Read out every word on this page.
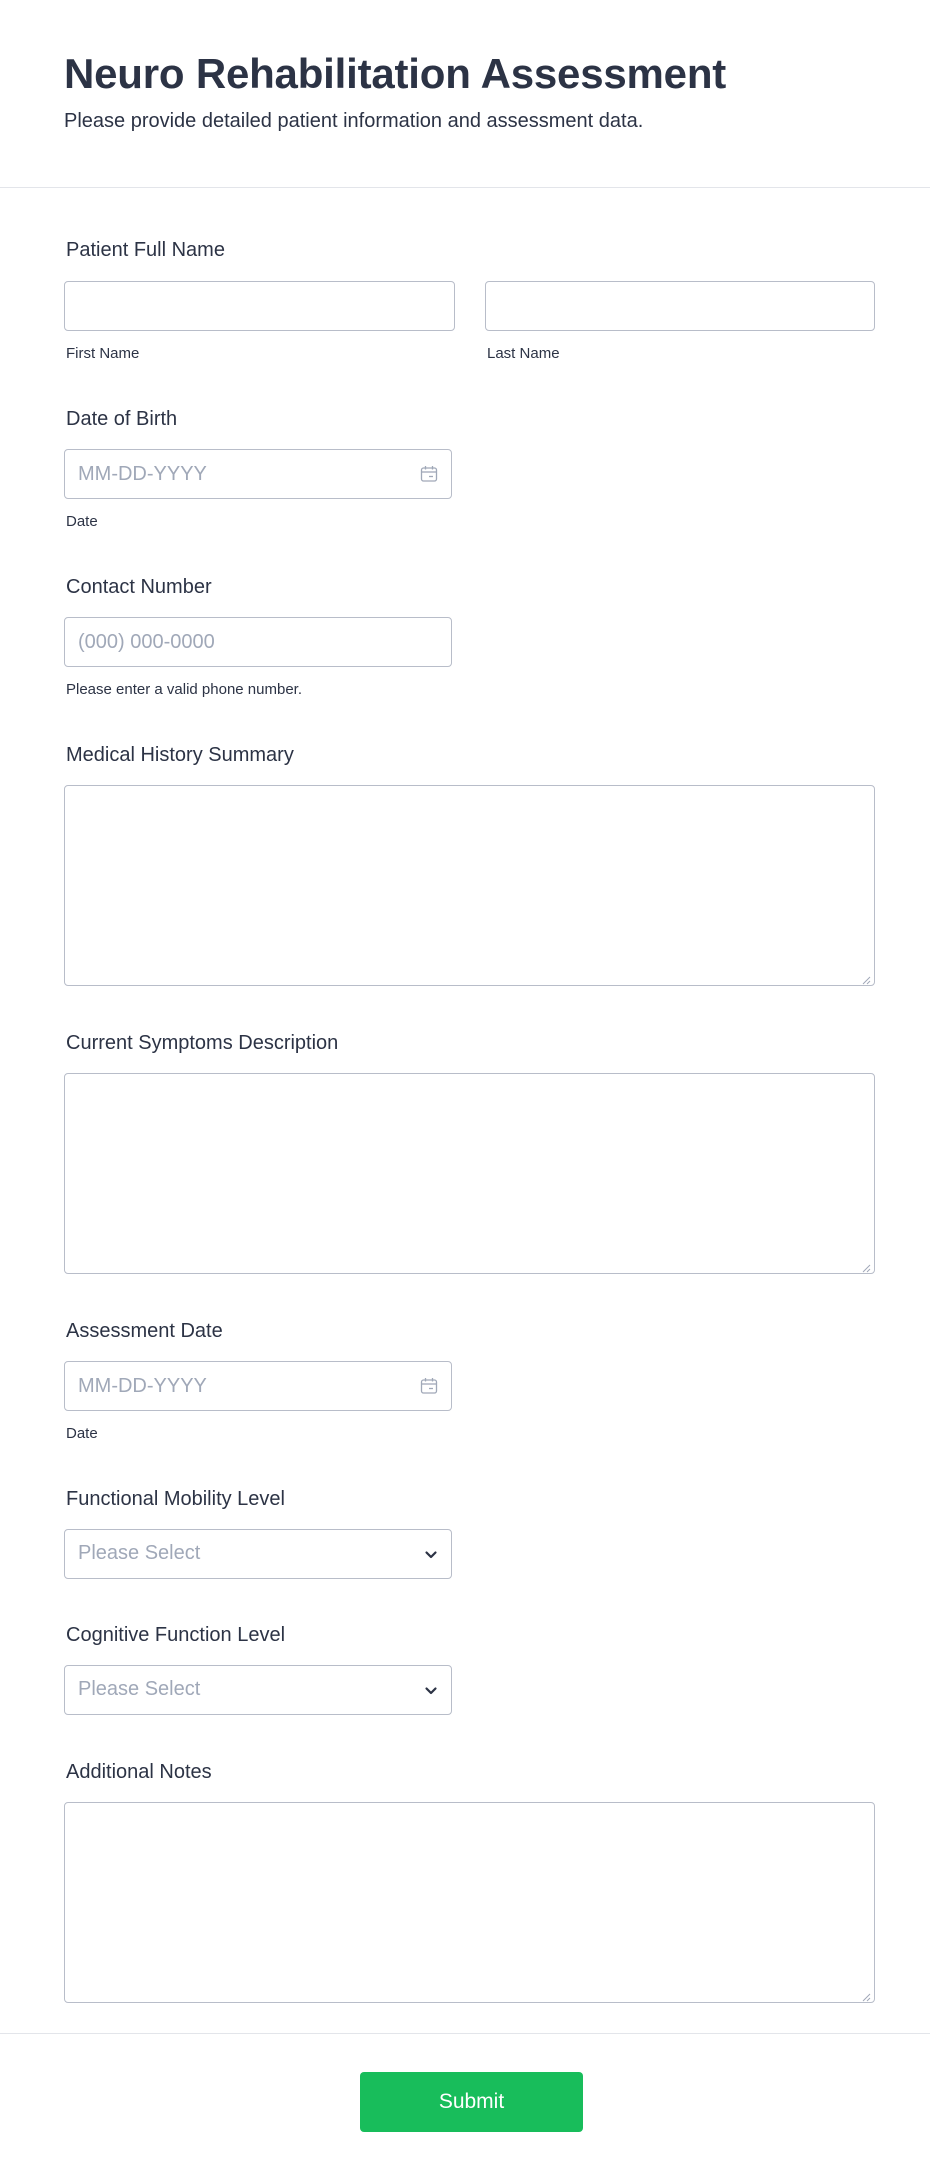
Neuro Rehabilitation Assessment
Please provide detailed patient information and assessment data.
Patient Full Name
First Name	Last Name
Date of Birth
MM-DD-YYYY
Date
Contact Number
(000) 000-0000
Please enter a valid phone number.
Medical History Summary
Current Symptoms Description
Assessment Date
MM-DD-YYYY
Date
Functional Mobility Level
Please Select
Cognitive Function Level
Please Select
Additional Notes
Submit
